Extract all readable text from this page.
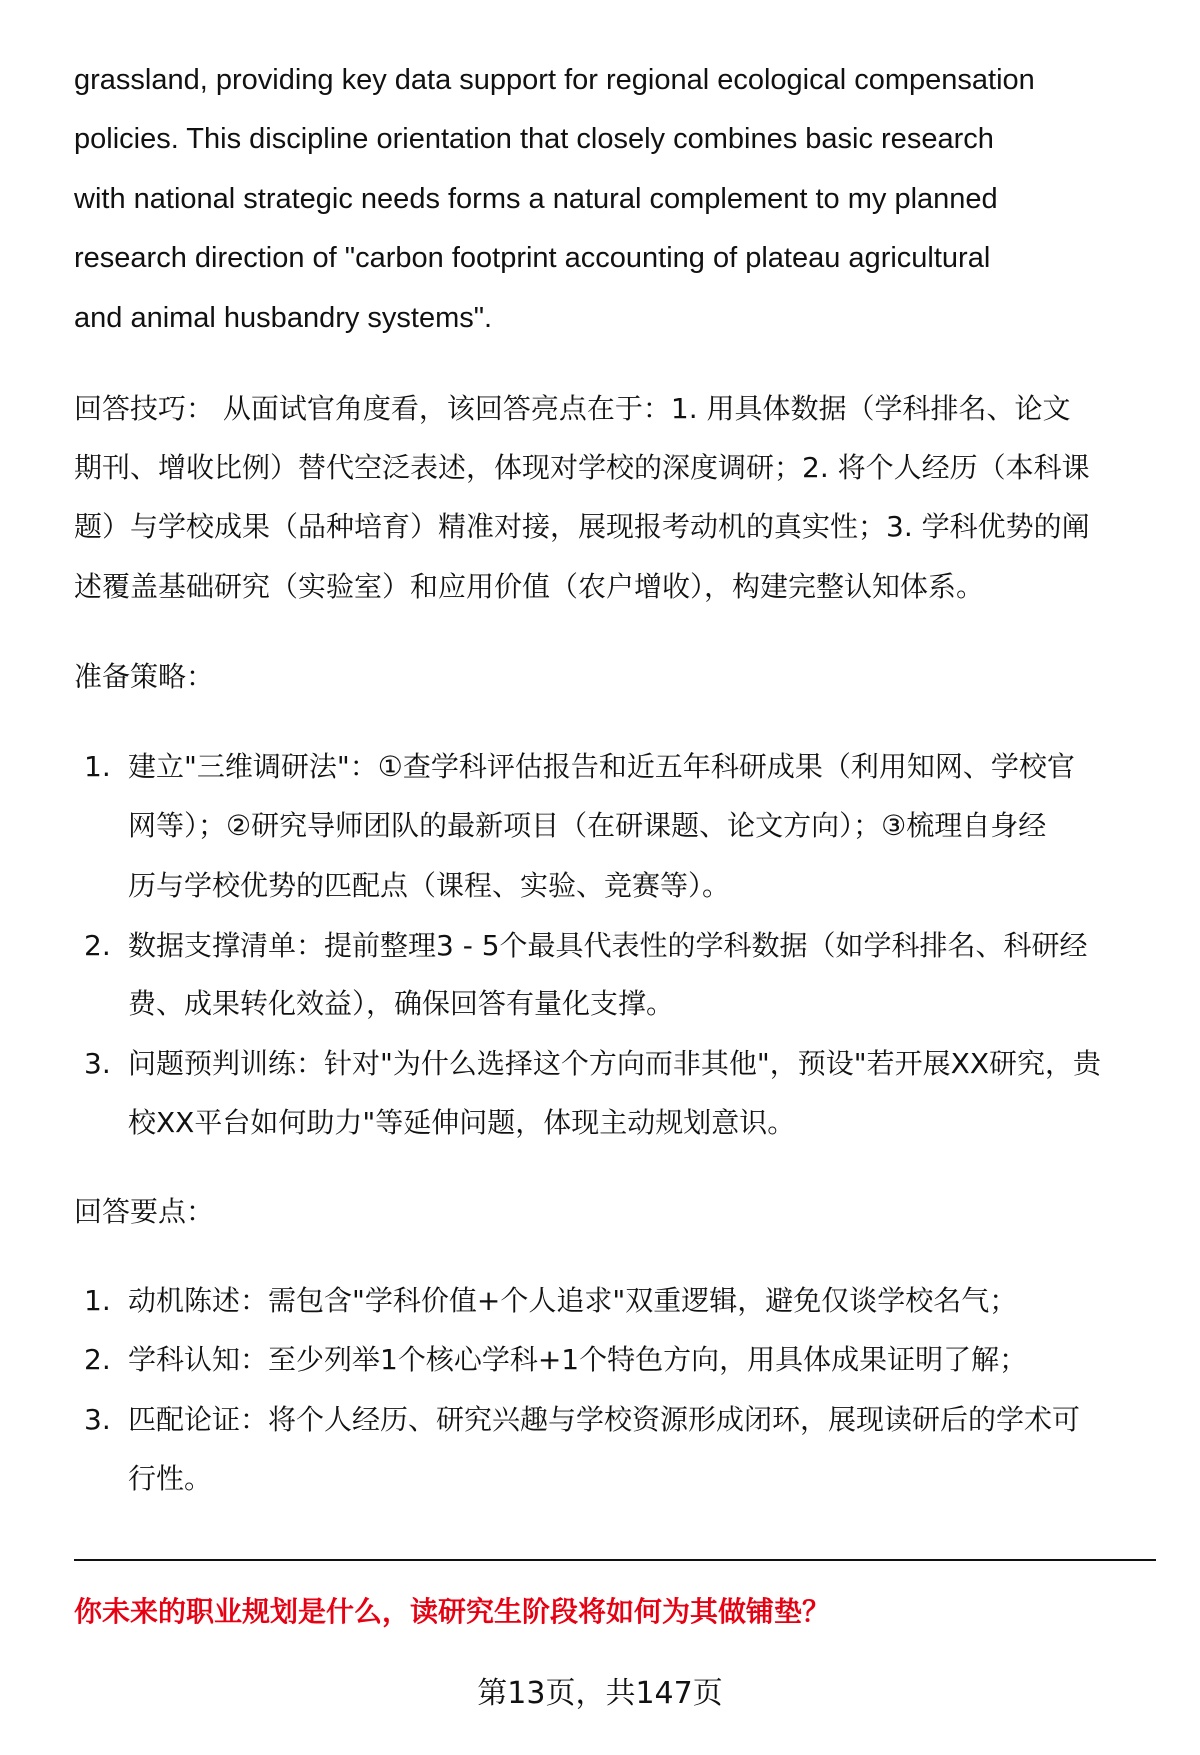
grassland, providing key data support for regional ecological compensation
policies. This discipline orientation that closely combines basic research
with national strategic needs forms a natural complement to my planned
research direction of "carbon footprint accounting of plateau agricultural
and animal husbandry systems".
回答技巧： 从面试官角度看，该回答亮点在于：1. 用具体数据（学科排名、论文
期刊、增收比例）替代空泛表述，体现对学校的深度调研；2. 将个人经历（本科课
题）与学校成果（品种培育）精准对接，展现报考动机的真实性；3. 学科优势的阐
述覆盖基础研究（实验室）和应用价值（农户增收），构建完整认知体系。
准备策略：
1. 建立"三维调研法"：①查学科评估报告和近五年科研成果（利用知网、学校官
网等）；②研究导师团队的最新项目（在研课题、论文方向）；③梳理自身经
历与学校优势的匹配点（课程、实验、竞赛等）。
2. 数据支撑清单：提前整理3 - 5个最具代表性的学科数据（如学科排名、科研经
费、成果转化效益），确保回答有量化支撑。
3. 问题预判训练：针对"为什么选择这个方向而非其他"，预设"若开展XX研究，贵
校XX平台如何助力"等延伸问题，体现主动规划意识。
回答要点：
1. 动机陈述：需包含"学科价值+个人追求"双重逻辑，避免仅谈学校名气；
2. 学科认知：至少列举1个核心学科+1个特色方向，用具体成果证明了解；
3. 匹配论证：将个人经历、研究兴趣与学校资源形成闭环，展现读研后的学术可
行性。
你未来的职业规划是什么，读研究生阶段将如何为其做铺垫？
第13页，共147页
